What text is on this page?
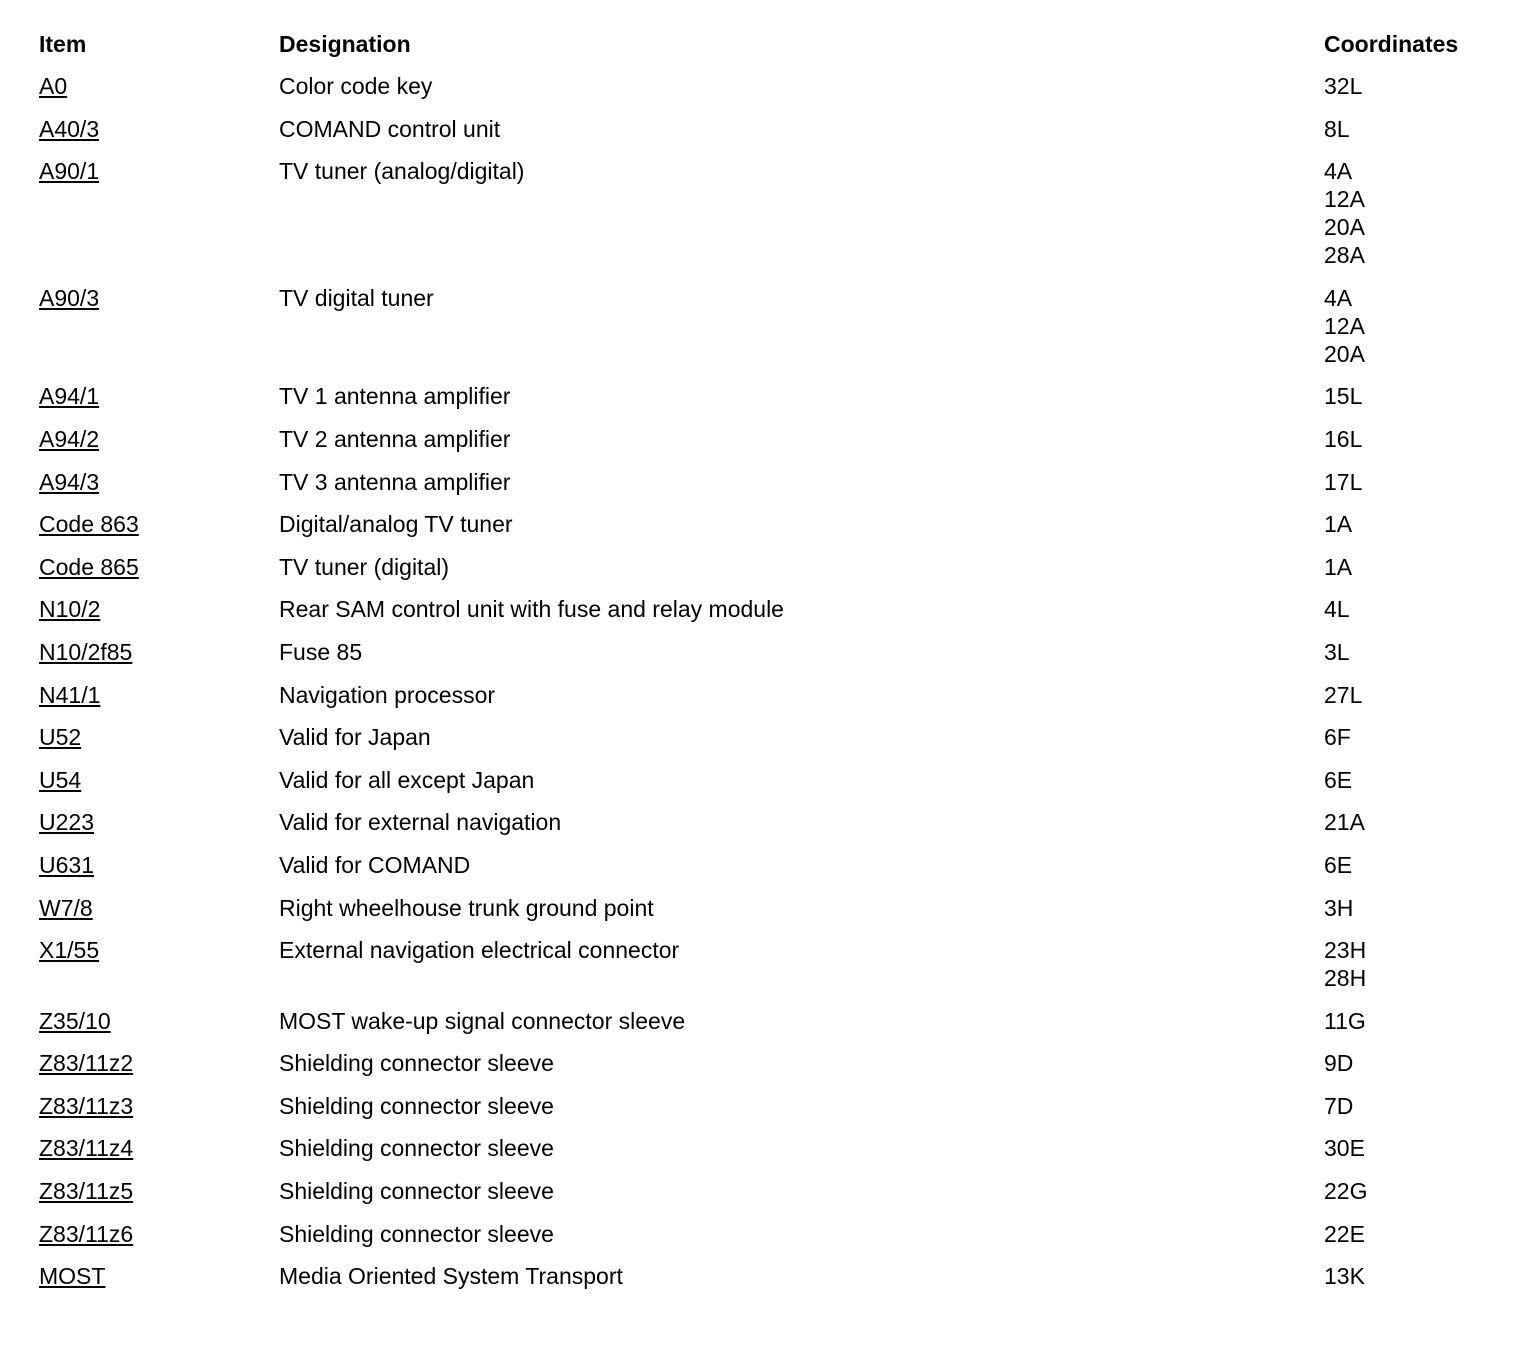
Item	Designation	Coordinates
A0	Color code key	32L
A40/3	COMAND control unit	8L
A90/1	TV tuner (analog/digital)	4A
12A
20A
28A
A90/3	TV digital tuner	4A
12A
20A
A94/1	TV 1 antenna amplifier	15L
A94/2	TV 2 antenna amplifier	16L
A94/3	TV 3 antenna amplifier	17L
Code 863	Digital/analog TV tuner	1A
Code 865	TV tuner (digital)	1A
N10/2	Rear SAM control unit with fuse and relay module	4L
N10/2f85	Fuse 85	3L
N41/1	Navigation processor	27L
U52	Valid for Japan	6F
U54	Valid for all except Japan	6E
U223	Valid for external navigation	21A
U631	Valid for COMAND	6E
W7/8	Right wheelhouse trunk ground point	3H
X1/55	External navigation electrical connector	23H
28H
Z35/10	MOST wake-up signal connector sleeve	11G
Z83/11z2	Shielding connector sleeve	9D
Z83/11z3	Shielding connector sleeve	7D
Z83/11z4	Shielding connector sleeve	30E
Z83/11z5	Shielding connector sleeve	22G
Z83/11z6	Shielding connector sleeve	22E
MOST	Media Oriented System Transport	13K
